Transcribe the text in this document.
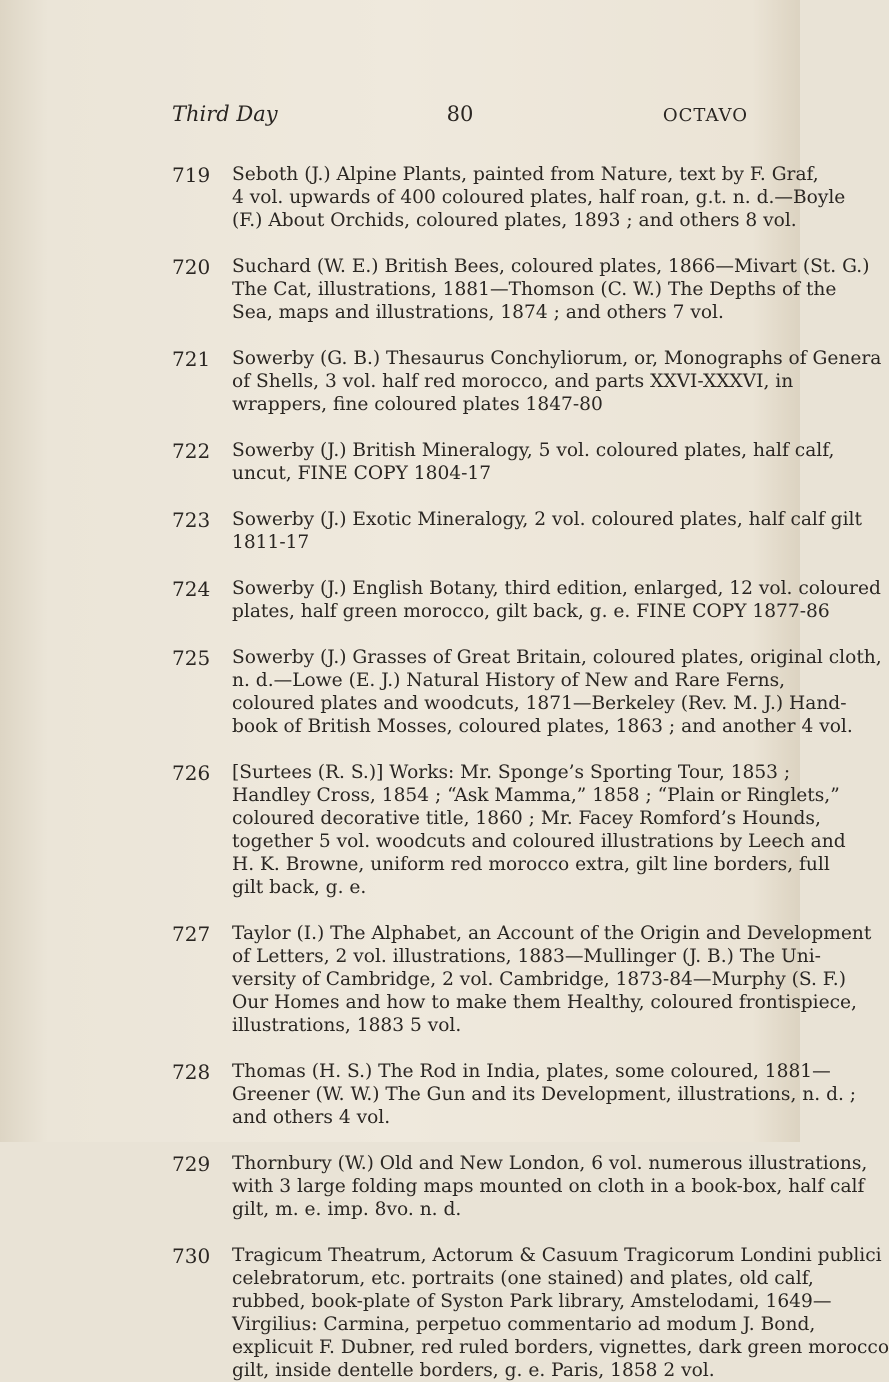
Third Day	80	OCTAVO
719 Seboth (J.) Alpine Plants, painted from Nature, text by F. Graf,
4 vol. upwards of 400 coloured plates, half roan, g.t. n. d.—Boyle
(F.) About Orchids, coloured plates, 1893 ; and others 8 vol.
720 Suchard (W. E.) British Bees, coloured plates, 1866—Mivart (St. G.)
The Cat, illustrations, 1881—Thomson (C. W.) The Depths of the
Sea, maps and illustrations, 1874 ; and others 7 vol.
721 Sowerby (G. B.) Thesaurus Conchyliorum, or, Monographs of Genera
of Shells, 3 vol. half red morocco, and parts XXVI-XXXVI, in
wrappers, fine coloured plates 1847-80
722 Sowerby (J.) British Mineralogy, 5 vol. coloured plates, half calf,
uncut, FINE COPY 1804-17
723 Sowerby (J.) Exotic Mineralogy, 2 vol. coloured plates, half calf gilt
1811-17
724 Sowerby (J.) English Botany, third edition, enlarged, 12 vol. coloured
plates, half green morocco, gilt back, g. e. FINE COPY 1877-86
725 Sowerby (J.) Grasses of Great Britain, coloured plates, original cloth,
n. d.—Lowe (E. J.) Natural History of New and Rare Ferns,
coloured plates and woodcuts, 1871—Berkeley (Rev. M. J.) Hand-
book of British Mosses, coloured plates, 1863 ; and another 4 vol.
726 [Surtees (R. S.)] Works: Mr. Sponge’s Sporting Tour, 1853 ;
Handley Cross, 1854 ; “Ask Mamma,” 1858 ; “Plain or Ringlets,”
coloured decorative title, 1860 ; Mr. Facey Romford’s Hounds,
together 5 vol. woodcuts and coloured illustrations by Leech and
H. K. Browne, uniform red morocco extra, gilt line borders, full
gilt back, g. e.
727 Taylor (I.) The Alphabet, an Account of the Origin and Development
of Letters, 2 vol. illustrations, 1883—Mullinger (J. B.) The Uni-
versity of Cambridge, 2 vol. Cambridge, 1873-84—Murphy (S. F.)
Our Homes and how to make them Healthy, coloured frontispiece,
illustrations, 1883 5 vol.
728 Thomas (H. S.) The Rod in India, plates, some coloured, 1881—
Greener (W. W.) The Gun and its Development, illustrations, n. d. ;
and others 4 vol.
729 Thornbury (W.) Old and New London, 6 vol. numerous illustrations,
with 3 large folding maps mounted on cloth in a book-box, half calf
gilt, m. e. imp. 8vo. n. d.
730 Tragicum Theatrum, Actorum & Casuum Tragicorum Londini publici
celebratorum, etc. portraits (one stained) and plates, old calf,
rubbed, book-plate of Syston Park library, Amstelodami, 1649—
Virgilius: Carmina, perpetuo commentario ad modum J. Bond,
explicuit F. Dubner, red ruled borders, vignettes, dark green morocco
gilt, inside dentelle borders, g. e. Paris, 1858 2 vol.
